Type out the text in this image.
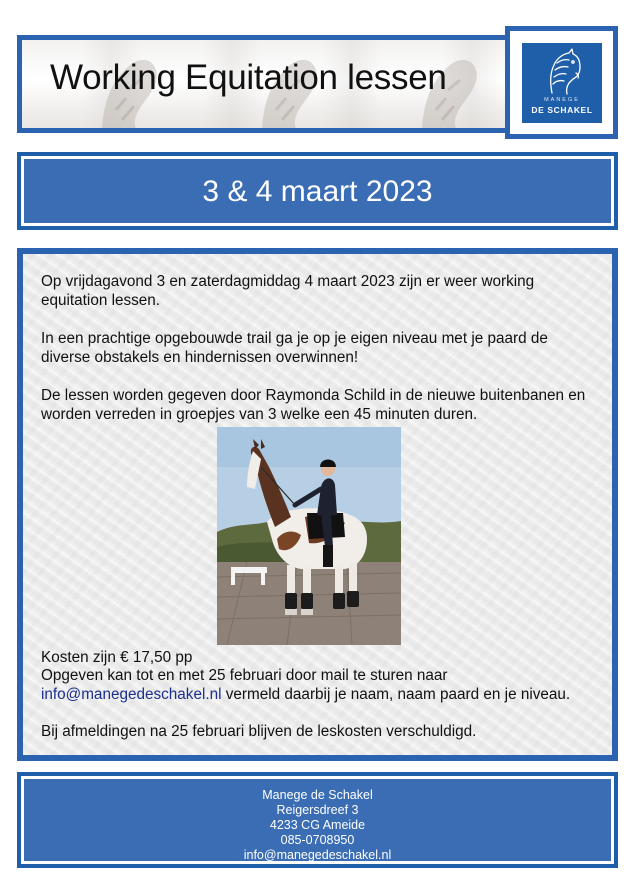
Working Equitation lessen
MANEGE
DE SCHAKEL
3 & 4 maart 2023

Op vrijdagavond 3 en zaterdagmiddag 4 maart 2023 zijn er weer working equitation lessen.

In een prachtige opgebouwde trail ga je op je eigen niveau met je paard de diverse obstakels en hindernissen overwinnen!

De lessen worden gegeven door Raymonda Schild in de nieuwe buitenbanen en worden verreden in groepjes van 3 welke een 45 minuten duren.

Kosten zijn € 17,50 pp

Opgeven kan tot en met 25 februari door mail te sturen naar
info@manegedeschakel.nl vermeld daarbij je naam, naam paard en je niveau.

Bij afmeldingen na 25 februari blijven de leskosten verschuldigd.

Manege de Schakel
Reigersdreef 3
4233 CG Ameide
085-0708950
info@manegedeschakel.nl
